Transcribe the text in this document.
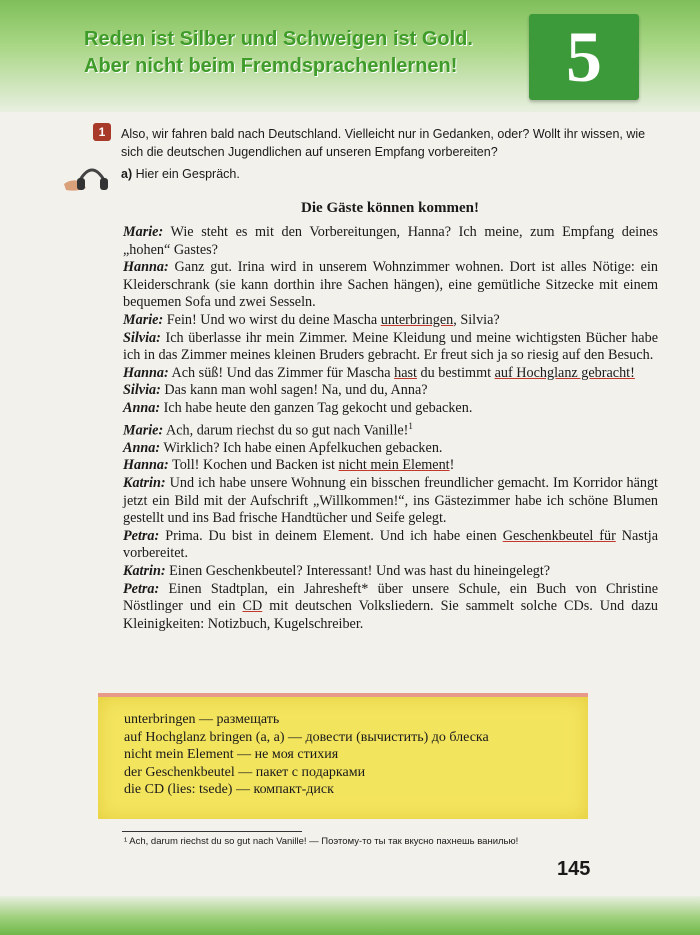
Reden ist Silber und Schweigen ist Gold. Aber nicht beim Fremdsprachenlernen!	5
1	Also, wir fahren bald nach Deutschland. Vielleicht nur in Gedanken, oder? Wollt ihr wissen, wie sich die deutschen Jugendlichen auf unseren Empfang vorbereiten?
a) Hier ein Gespräch.
Die Gäste können kommen!

Marie: Wie steht es mit den Vorbereitungen, Hanna? Ich meine, zum Empfang deines „hohen“ Gastes?

Hanna: Ganz gut. Irina wird in unserem Wohnzimmer wohnen. Dort ist alles Nötige: ein Kleiderschrank (sie kann dorthin ihre Sachen hängen), eine gemütliche Sitzecke mit einem bequemen Sofa und zwei Sesseln.

Marie: Fein! Und wo wirst du deine Mascha unterbringen, Silvia?

Silvia: Ich überlasse ihr mein Zimmer. Meine Kleidung und meine wichtigsten Bücher habe ich in das Zimmer meines kleinen Bruders gebracht. Er freut sich ja so riesig auf den Besuch.

Hanna: Ach süß! Und das Zimmer für Mascha hast du bestimmt auf Hochglanz gebracht!

Silvia: Das kann man wohl sagen! Na, und du, Anna?

Anna: Ich habe heute den ganzen Tag gekocht und gebacken.

Marie: Ach, darum riechst du so gut nach Vanille!$^1$

Anna: Wirklich? Ich habe einen Apfelkuchen gebacken.

Hanna: Toll! Kochen und Backen ist nicht mein Element!

Katrin: Und ich habe unsere Wohnung ein bisschen freundlicher gemacht. Im Korridor hängt jetzt ein Bild mit der Aufschrift „Willkommen!“, ins Gästezimmer habe ich schöne Blumen gestellt und ins Bad frische Handtücher und Seife gelegt.

Petra: Prima. Du bist in deinem Element. Und ich habe einen Geschenkbeutel für Nastja vorbereitet.

Katrin: Einen Geschenkbeutel? Interessant! Und was hast du hineingelegt?

Petra: Einen Stadtplan, ein Jahresheft* über unsere Schule, ein Buch von Christine Nöstlinger und ein CD mit deutschen Volksliedern. Sie sammelt solche CDs. Und dazu Kleinigkeiten: Notizbuch, Kugelschreiber.

unterbringen — размещать
auf Hochglanz bringen (a, a) — довести (вычистить) до блеска
nicht mein Element — не моя стихия
der Geschenkbeutel — пакет с подарками
die CD (lies: tsede) — компакт-диск
¹ Ach, darum riechst du so gut nach Vanille! — Поэтому-то ты так вкусно пахнешь ванилью!
145
